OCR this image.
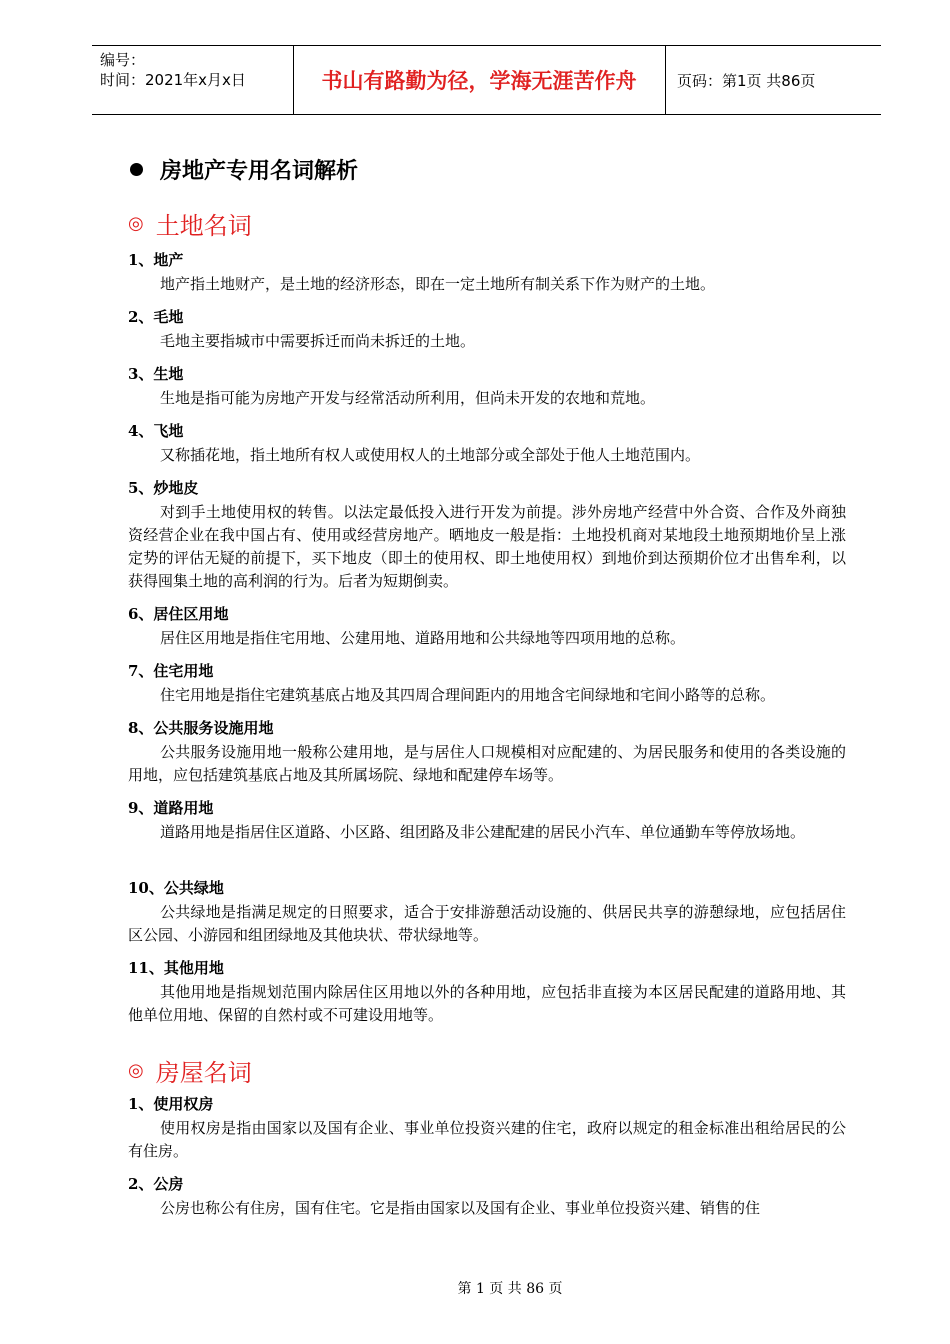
编号：
时间：2021年x月x日	书山有路勤为径，学海无涯苦作舟	页码：第1页 共86页
房地产专用名词解析
◎ 土地名词
1、地产
地产指土地财产，是土地的经济形态，即在一定土地所有制关系下作为财产的土地。
2、毛地
毛地主要指城市中需要拆迁而尚未拆迁的土地。
3、生地
生地是指可能为房地产开发与经常活动所利用，但尚未开发的农地和荒地。
4、飞地
又称插花地，指土地所有权人或使用权人的土地部分或全部处于他人土地范围内。
5、炒地皮
对到手土地使用权的转售。以法定最低投入进行开发为前提。涉外房地产经营中外合资、合作及外商独资经营企业在我中国占有、使用或经营房地产。晒地皮一般是指：土地投机商对某地段土地预期地价呈上涨定势的评估无疑的前提下，买下地皮（即土的使用权、即土地使用权）到地价到达预期价位才出售牟利，以获得囤集土地的高利润的行为。后者为短期倒卖。
6、居住区用地
居住区用地是指住宅用地、公建用地、道路用地和公共绿地等四项用地的总称。
7、住宅用地
住宅用地是指住宅建筑基底占地及其四周合理间距内的用地含宅间绿地和宅间小路等的总称。
8、公共服务设施用地
公共服务设施用地一般称公建用地，是与居住人口规模相对应配建的、为居民服务和使用的各类设施的用地，应包括建筑基底占地及其所属场院、绿地和配建停车场等。
9、道路用地
道路用地是指居住区道路、小区路、组团路及非公建配建的居民小汽车、单位通勤车等停放场地。
10、公共绿地
公共绿地是指满足规定的日照要求，适合于安排游憩活动设施的、供居民共享的游憩绿地，应包括居住区公园、小游园和组团绿地及其他块状、带状绿地等。
11、其他用地
其他用地是指规划范围内除居住区用地以外的各种用地，应包括非直接为本区居民配建的道路用地、其他单位用地、保留的自然村或不可建设用地等。
◎ 房屋名词
1、使用权房
使用权房是指由国家以及国有企业、事业单位投资兴建的住宅，政府以规定的租金标准出租给居民的公有住房。
2、公房
公房也称公有住房，国有住宅。它是指由国家以及国有企业、事业单位投资兴建、销售的住
第 1 页 共 86 页
